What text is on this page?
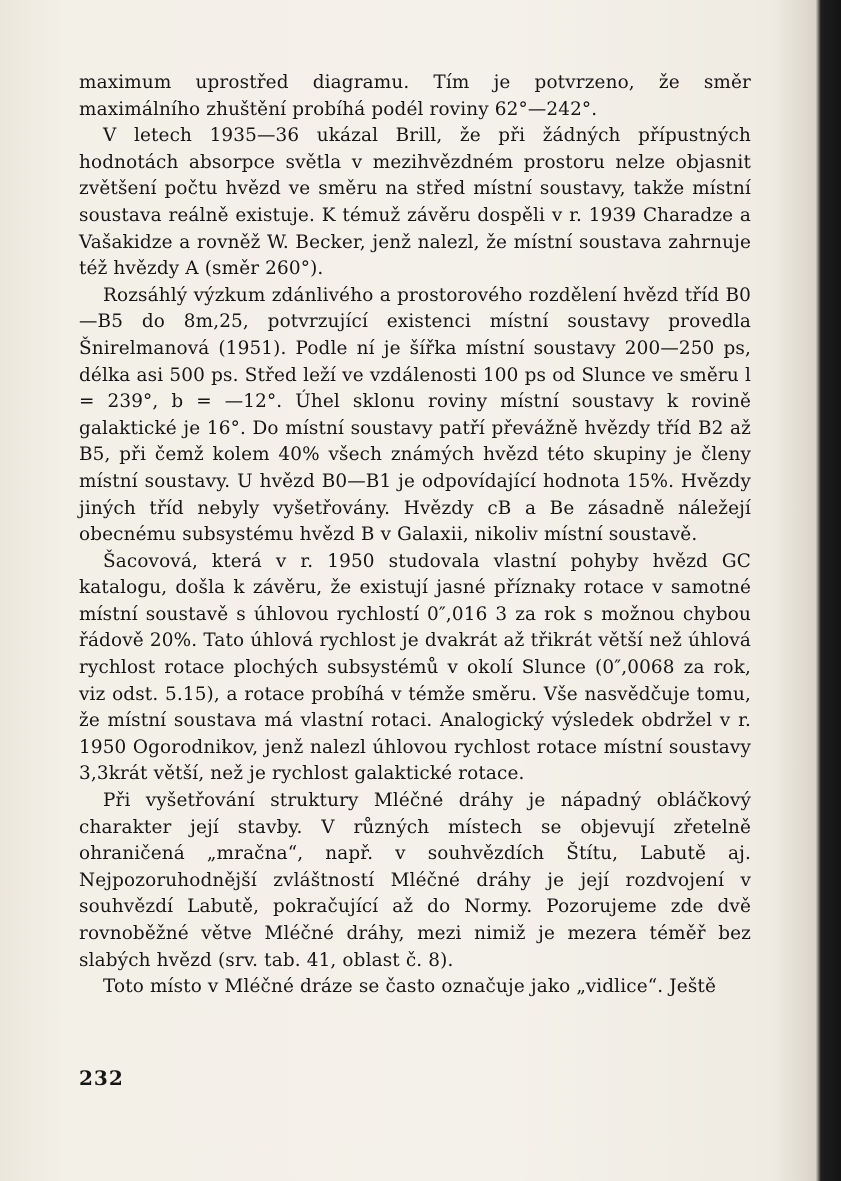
maximum uprostřed diagramu. Tím je potvrzeno, že směr maximálního zhuštění probíhá podél roviny 62°—242°.

V letech 1935—36 ukázal Brill, že při žádných přípustných hodnotách absorpce světla v mezihvězdném prostoru nelze objasnit zvětšení počtu hvězd ve směru na střed místní soustavy, takže místní soustava reálně existuje. K témuž závěru dospěli v r. 1939 Charadze a Vašakidze a rovněž W. Becker, jenž nalezl, že místní soustava zahrnuje též hvězdy A (směr 260°).

Rozsáhlý výzkum zdánlivého a prostorového rozdělení hvězd tříd B0—B5 do 8m,25, potvrzující existenci místní soustavy provedla Šnirelmanová (1951). Podle ní je šířka místní soustavy 200—250 ps, délka asi 500 ps. Střed leží ve vzdálenosti 100 ps od Slunce ve směru l = 239°, b = —12°. Úhel sklonu roviny místní soustavy k rovině galaktické je 16°. Do místní soustavy patří převážně hvězdy tříd B2 až B5, při čemž kolem 40% všech známých hvězd této skupiny je členy místní soustavy. U hvězd B0—B1 je odpovídající hodnota 15%. Hvězdy jiných tříd nebyly vyšetřovány. Hvězdy cB a Be zásadně náležejí obecnému subsystému hvězd B v Galaxii, nikoliv místní soustavě.

Šacovová, která v r. 1950 studovala vlastní pohyby hvězd GC katalogu, došla k závěru, že existují jasné příznaky rotace v samotné místní soustavě s úhlovou rychlostí 0″,016 3 za rok s možnou chybou řádově 20%. Tato úhlová rychlost je dvakrát až třikrát větší než úhlová rychlost rotace plochých subsystémů v okolí Slunce (0″,0068 za rok, viz odst. 5.15), a rotace probíhá v témže směru. Vše nasvědčuje tomu, že místní soustava má vlastní rotaci. Analogický výsledek obdržel v r. 1950 Ogorodnikov, jenž nalezl úhlovou rychlost rotace místní soustavy 3,3krát větší, než je rychlost galaktické rotace.

Při vyšetřování struktury Mléčné dráhy je nápadný obláčkový charakter její stavby. V různých místech se objevují zřetelně ohraničená „mračna“, např. v souhvězdích Štítu, Labutě aj. Nejpozoruhodnější zvláštností Mléčné dráhy je její rozdvojení v souhvězdí Labutě, pokračující až do Normy. Pozorujeme zde dvě rovnoběžné větve Mléčné dráhy, mezi nimiž je mezera téměř bez slabých hvězd (srv. tab. 41, oblast č. 8).

Toto místo v Mléčné dráze se často označuje jako „vidlice“. Ještě

232
